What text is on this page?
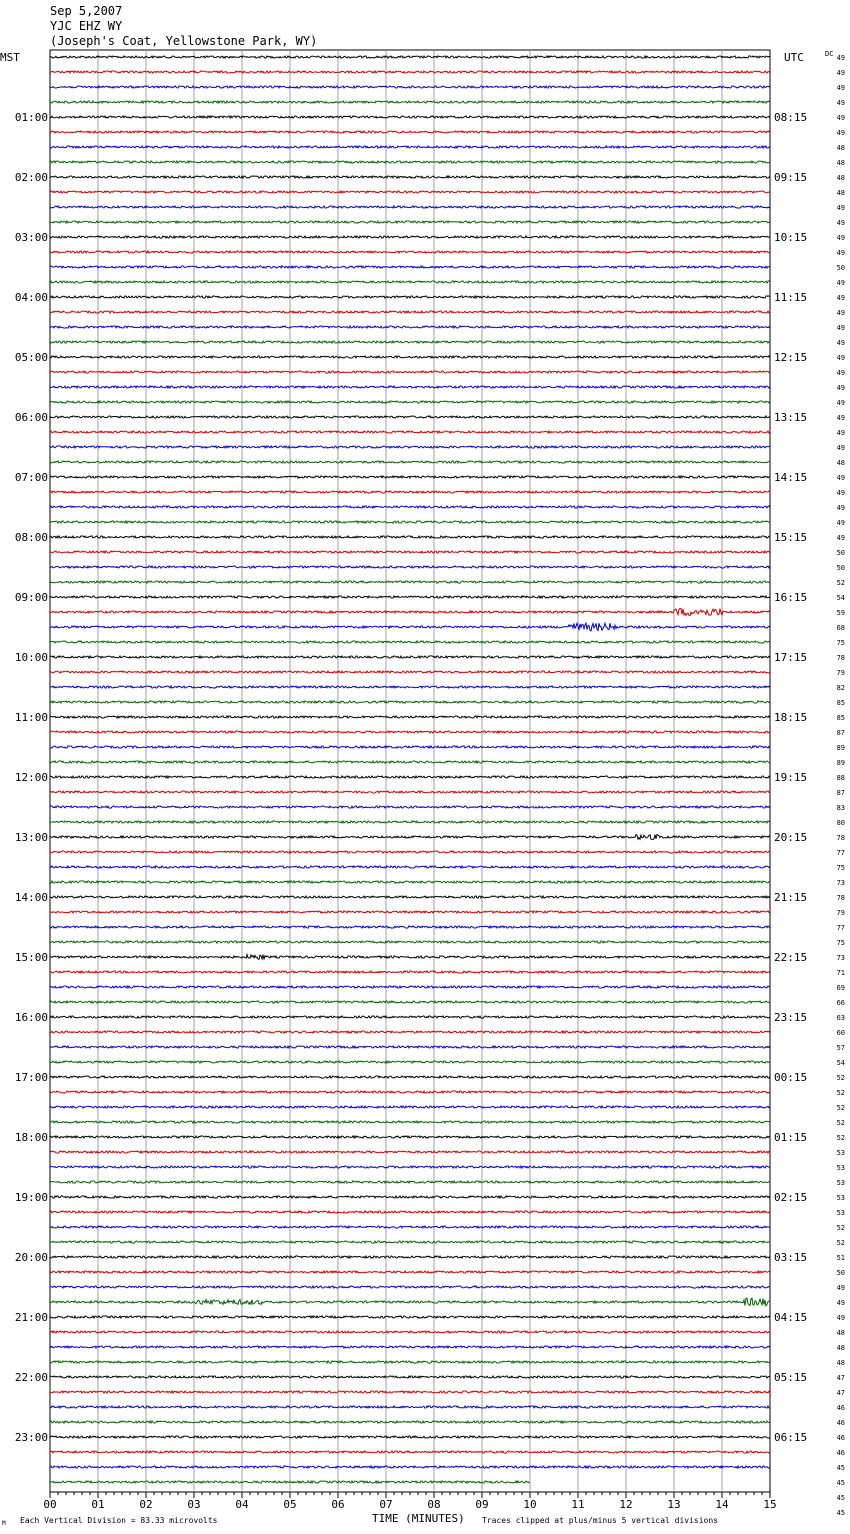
Sep 5,2007
YJC EHZ WY
(Joseph's Coat, Yellowstone Park, WY)
MST	UTC	DC
TIME (MINUTES)
M Each Vertical Division = 83.33 microvolts	Traces clipped at plus/minus 5 vertical divisions
01:00
02:00
03:00
04:00
05:00
06:00
07:00
08:00
09:00
10:00
11:00
12:00
13:00
14:00
15:00
16:00
17:00
18:00
19:00
20:00
21:00
22:00
23:00
08:15
09:15
10:15
11:15
12:15
13:15
14:15
15:15
16:15
17:15
18:15
19:15
20:15
21:15
22:15
23:15
00:15
01:15
02:15
03:15
04:15
05:15
06:15
49
49
49
49
49
49
48
48
48
48
49
49
49
49
50
49
49
49
49
49
49
49
49
49
49
49
49
48
49
49
49
49
49
50
50
52
54
59
68
75
78
79
82
85
85
87
89
89
88
87
83
80
78
77
75
73
78
79
77
75
73
71
69
66
63
60
57
54
52
52
52
52
52
53
53
53
53
53
52
52
51
50
49
49
49
48
48
48
47
47
46
46
46
46
45
45
45
45
00	01	02	03	04	05	06	07	08	09	10	11	12	13	14	15
